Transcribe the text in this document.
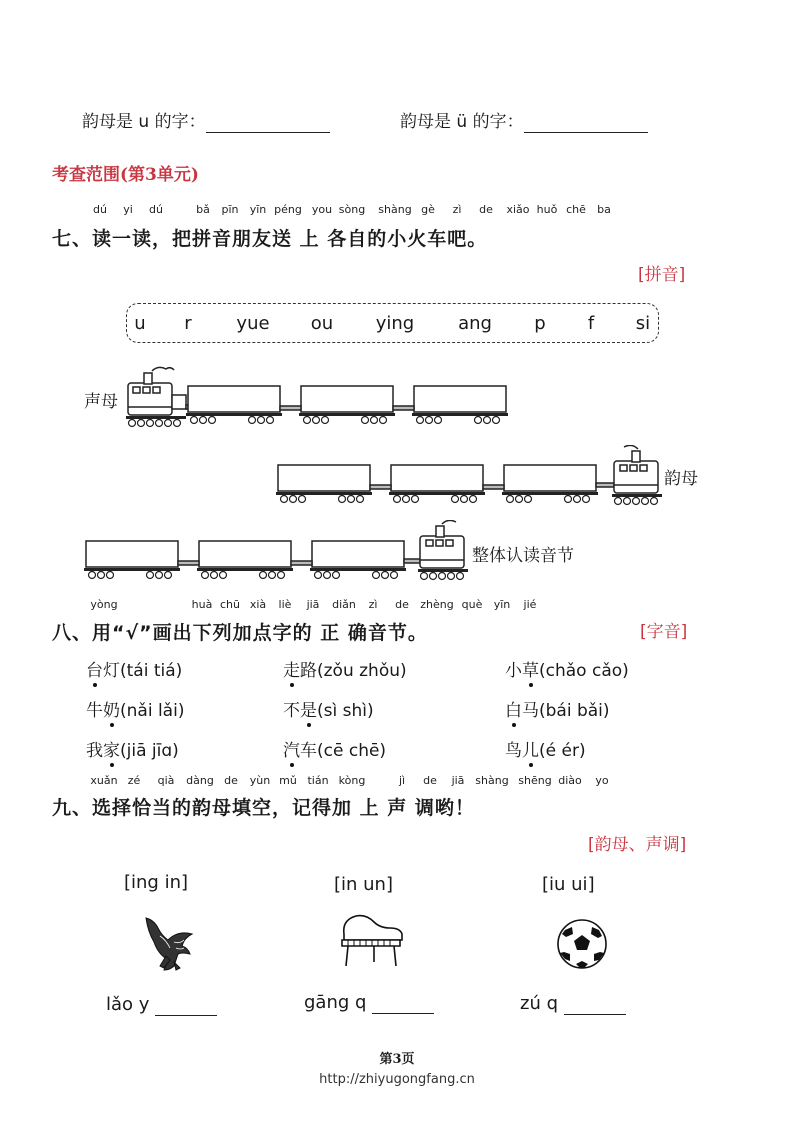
韵母是 u 的字：	韵母是 ü 的字：
考查范围(第3单元)
dú yi dú	bǎ pīn yīn péng you sòng shàng gè zì de xiǎo huǒ chē ba
七、读一读，把拼音朋友送 上 各自的小火车吧。
[拼音]
u r yue ou ying ang p f si
声母
韵母
整体认读音节
yòng	huà chū xià liè jiā diǎn zì de zhèng què yīn jié
八、用“√”画出下列加点字的 正 确音节。	[字音]
台灯(tái tiá)	走路(zǒu zhǒu)	小草(chǎo cǎo)
牛奶(nǎi lǎi)	不是(sì shì)	白马(bái bǎi)
我家(jiā jīɑ)	汽车(cē chē)	鸟儿(é ér)
xuǎn zé qià dàng de yùn mǔ tián kòng	jì de jiā shàng shēng diào yo
九、选择恰当的韵母填空，记得加 上 声 调哟！
[韵母、声调]
[ing in]	[in un]	[iu ui]
lǎo y	gāng q	zú q
第3页
http://zhiyugongfang.cn
